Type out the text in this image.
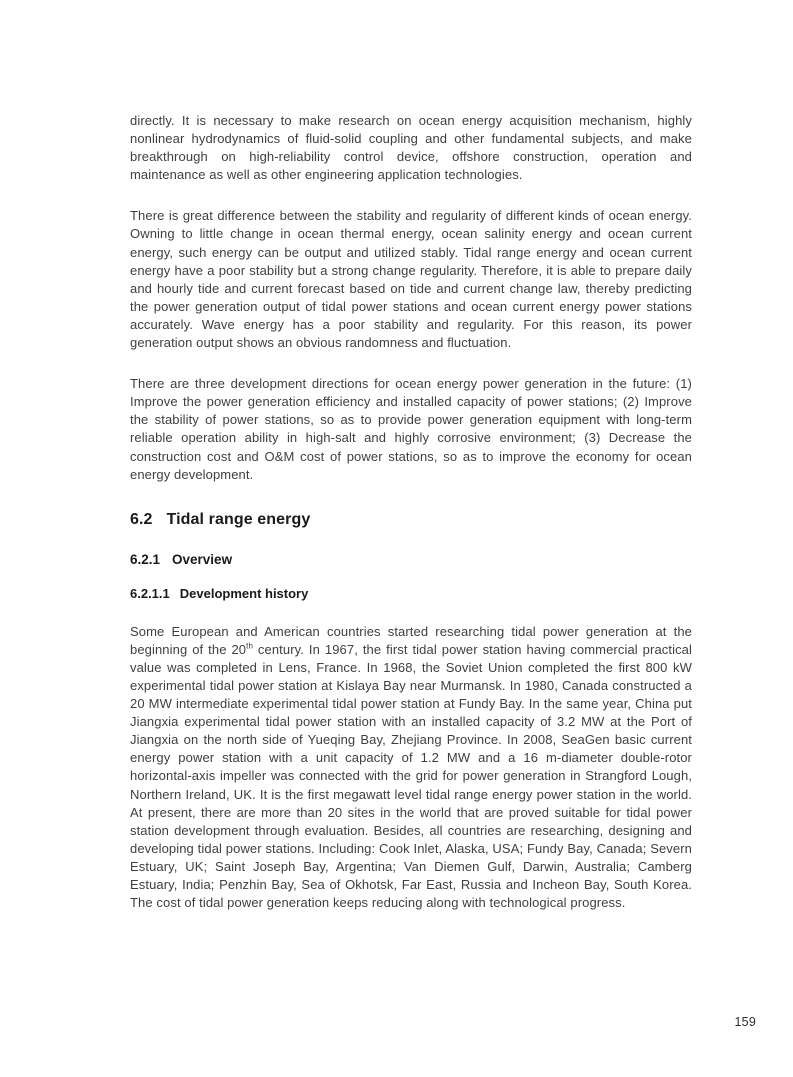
directly. It is necessary to make research on ocean energy acquisition mechanism, highly nonlinear hydrodynamics of fluid-solid coupling and other fundamental subjects, and make breakthrough on high-reliability control device, offshore construction, operation and maintenance as well as other engineering application technologies.

There is great difference between the stability and regularity of different kinds of ocean energy. Owning to little change in ocean thermal energy, ocean salinity energy and ocean current energy, such energy can be output and utilized stably. Tidal range energy and ocean current energy have a poor stability but a strong change regularity. Therefore, it is able to prepare daily and hourly tide and current forecast based on tide and current change law, thereby predicting the power generation output of tidal power stations and ocean current energy power stations accurately. Wave energy has a poor stability and regularity. For this reason, its power generation output shows an obvious randomness and fluctuation.

There are three development directions for ocean energy power generation in the future: (1) Improve the power generation efficiency and installed capacity of power stations; (2) Improve the stability of power stations, so as to provide power generation equipment with long-term reliable operation ability in high-salt and highly corrosive environment; (3) Decrease the construction cost and O&M cost of power stations, so as to improve the economy for ocean energy development.

6.2 Tidal range energy
6.2.1 Overview
6.2.1.1 Development history

Some European and American countries started researching tidal power generation at the beginning of the 20th century. In 1967, the first tidal power station having commercial practical value was completed in Lens, France. In 1968, the Soviet Union completed the first 800 kW experimental tidal power station at Kislaya Bay near Murmansk. In 1980, Canada constructed a 20 MW intermediate experimental tidal power station at Fundy Bay. In the same year, China put Jiangxia experimental tidal power station with an installed capacity of 3.2 MW at the Port of Jiangxia on the north side of Yueqing Bay, Zhejiang Province. In 2008, SeaGen basic current energy power station with a unit capacity of 1.2 MW and a 16 m-diameter double-rotor horizontal-axis impeller was connected with the grid for power generation in Strangford Lough, Northern Ireland, UK. It is the first megawatt level tidal range energy power station in the world. At present, there are more than 20 sites in the world that are proved suitable for tidal power station development through evaluation. Besides, all countries are researching, designing and developing tidal power stations. Including: Cook Inlet, Alaska, USA; Fundy Bay, Canada; Severn Estuary, UK; Saint Joseph Bay, Argentina; Van Diemen Gulf, Darwin, Australia; Camberg Estuary, India; Penzhin Bay, Sea of Okhotsk, Far East, Russia and Incheon Bay, South Korea. The cost of tidal power generation keeps reducing along with technological progress.

159
